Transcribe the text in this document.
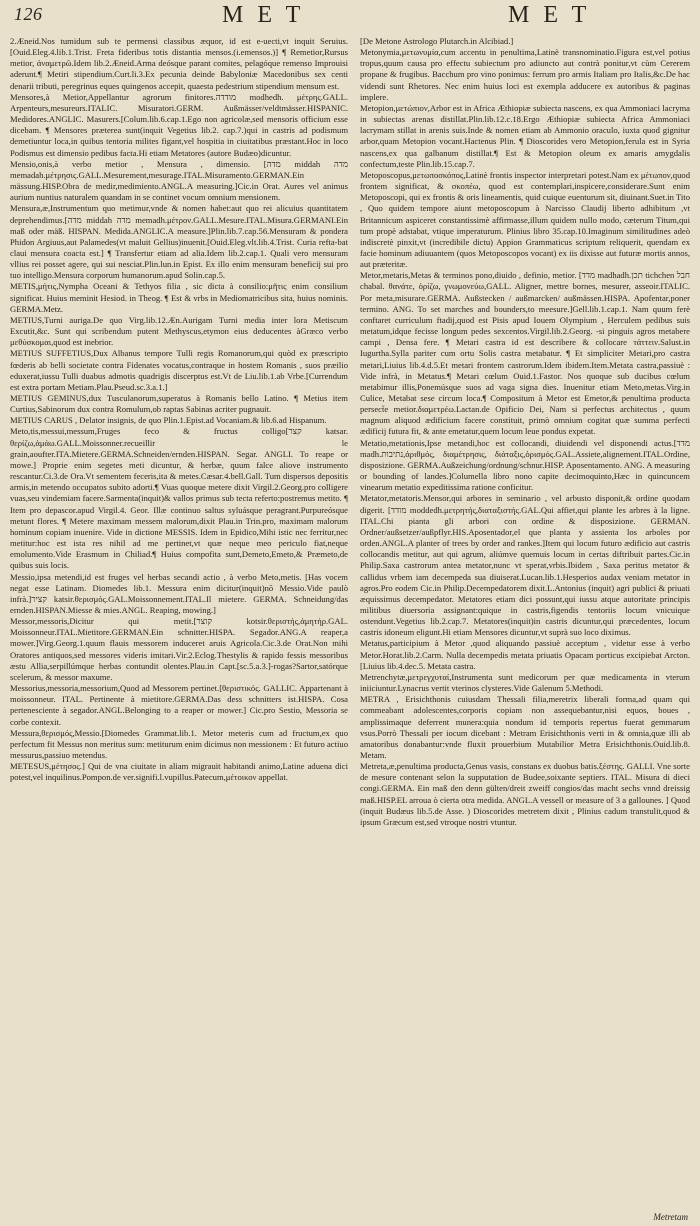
126	M E T	M E T

2.Æneid.Nos tumidum sub te permensi classibus æquor, id est e-uecti,vt inquit Seruius.[Ouid.Eleg.4.lib.1.Trist. Freta fideribus totis distantia mensos.(i.emensos.)] ¶ Remetior,Rursus metior, ἀναμετρῶ.Idem lib.2.Æneid.Arma deósque parant comites, pelagóque remenso Improuisi aderunt.¶ Metiri stipendium.Curt.li.3.Ex pecunia deinde Babyloniæ Macedonibus sex centi denarii tributi, peregrinus eques quingenos accepit, quaesta pedestrium stipendium mensum est.

Mensores,à Metior,Appellantur agrorum finitores.מודדה modhedh. μέτρης.GALL. Arpenteurs,mesureurs.ITALIC. Misuratori.GERM. Außmässer/veldtmässer.HISPANIC. Medidores.ANGLIC. Masurers.[Colum.lib.6.cap.1.Ego non agricolæ,sed mensoris officium esse dicebam. ¶ Mensores præterea sunt(inquit Vegetius lib.2. cap.7.)qui in castris ad podismum demetiuntur loca,in quibus tentoria milites figant,vel hospitia in ciuitatibus præstant.Hoc in loco Podismus est dimensio pedibus facta.Hi etiam Metatores (autore Budæo)dicuntur.

Mensio,onis,à verbo metior , Mensura , dimensio. [מדה middah מדה memadah.μέτρησις.GALL.Mesurement,mesurage.ITAL.Misuramento.GERMAN.Ein mässung.HISP.Obra de medir,medimiento.ANGL.A measuring.]Cic.in Orat. Aures vel animus aurium nuntius naturalem quandam in se continet vocum omnium mensionem.

Mensura,æ,Instrumentum quo metimur,vnde & nomen habet:aut quo rei alicuius quantitatem deprehendimus.[מדה middah מדה memadh.μέτρον.GALL.Mesure.ITAL.Misura.GERMANI.Ein maß oder mäß. HISPAN. Medida.ANGLIC.A measure.]Plin.lib.7.cap.56.Mensuram & pondera Phidon Argiuus,aut Palamedes(vt maluit Gellius)inuenit.[Ouid.Eleg.vlt.lib.4.Trist. Curia refta-bat claui mensura coacta est.] ¶ Transfertur etiam ad alia.Idem lib.2.cap.1. Quali vero mensuram vllius rei posset agere, qui sui nesciat.Plin.lun.in Epist. Ex illo enim mensuram beneficij sui pro tuo intelligo.Mensura corporum humanorum.apud Solin.cap.5.

METIS,μήτις,Nympha Oceani & Tethyos filia , sic dicta à consilio:μῆτις enim consilium significat. Huius meminit Hesiod. in Theog. ¶ Est & vrbs in Mediomatricibus sita, huius nominis. GERMA.Metz.

METIUS,Turni auriga.De quo Virg.lib.12.Æn.Aurigam Turni media inter lora Metiscum Excutit,&c. Sunt qui scribendum putent Methyscus,etymon eius deducentes àGræco verbo μεθύσκομαι,quod est inebrior.

METIUS SUFFETIUS,Dux Albanus tempore Tulli regis Romanorum,qui quòd ex præscripto fœderis ab belli societate contra Fidenates vocatus,contraque in hostem Romanis , suos præilio eduxerat,iussu Tulli duabus admotis quadrigis discerptus est.Vt de Liu.lib.1.ab Vrbe.[Currendum est extra portam Metiam.Plau.Pseud.sc.3.a.1.]

METIUS GEMINUS,dux Tusculanorum,superatus à Romanis bello Latino. ¶ Metius item Curtius,Sabinorum dux contra Romulum,ob raptas Sabinas acriter pugnauit.

METIUS CARUS , Delator insignis, de quo Plin.1.Epist.ad Vocaniam.& lib.6.ad Hispanum.

Meto,tis,messui,messum,Fruges feco & fructus colligo[קצר katsar. θερίζω,ἀμάω.GALL.Moissonner.recueillir le grain,aoufter.ITA.Mietere.GERMA.Schneiden/ernden.HISPAN. Segar. ANGLI. To reape or mowe.] Proprie enim segetes meti dicuntur, & herbæ, quum falce aliove instrumento rescantur.Ci.3.de Ora.Vt sementem feceris,ita & metes.Cæsar.4.bell.Gall. Tum dispersos depositis armis,in metendo occupatos subito adorti.¶ Vuas quoque metere dixit Virgil.2.Georg.pro colligere vuas,seu vindemiam facere.Sarmenta(inquit)& vallos primus sub tecta referto:postremus metito. ¶ Item pro depascor.apud Virgil.4. Geor. Illæ continuo saltus syluásque peragrant.Purpureósque metunt flores. ¶ Metere maximam messem malorum,dixit Plau.in Trin.pro, maximam malorum hominum copiam inuenire. Vide in dictione MESSIS. Idem in Epidico,Mihi istic nec ferritur,nec metitur:hoc est ista res nihil ad me pertinet,vt quæ neque meo periculo fiat,neque emolumento.Vide Erasmum in Chiliad.¶ Huius compofita sunt,Demeto,Emeto,& Præmeto,de quibus suis locis.

Messio,ipsa metendi,id est fruges vel herbas secandi actio , à verbo Meto,metis. [Has vocem negat esse Latinam. Diomedes lib.1. Messura enim dicitur(inquit)nõ Messio.Vide paulò infrà.]קציר katsir.θερισμός.GAL.Moissonnement.ITAL.Il mietere. GERMA. Schneidung/das ernden.HISPAN.Miesse & mies.ANGL. Reaping, mowing.]

Messor,messoris,Dicitur qui metit.[קוצר kotsir.θεριστής,ἀμητήρ.GAL. Moissonneur.ITAL.Mietitore.GERMAN.Ein schnitter.HISPA. Segador.ANG.A reaper,a mower.]Virg.Georg.1.quum flauis messorem induceret aruis Agricola.Cic.3.de Orat.Non mihi Oratores antiquos,sed messores videris imitari.Vir.2.Eclog.Thestylis & rapido fessis messoribus æstu Allia,serpillúmque herbas contundit olentes.Plau.in Capt.[sc.5.a.3.]-rogas?Sartor,satórque scelerum, & messor maxume.

Messorius,messoria,messorium,Quod ad Messorem pertinet.[θεριστικός. GALLIC. Appartenant à moissonneur. ITAL. Pertinente à mietitore.GERMA.Das dess schnitters ist.HISPA. Cosa pertenesciente à segador.ANGL.Belonging to a reaper or mower.] Cic.pro Sestio, Messoria se corbe contexit.

Messura,θερισμός,Messio.[Diomedes Grammat.lib.1. Metor meteris cum ad fructum,ex quo perfectum fit Messus non meritus sum: metiturum enim dicimus non messionem : Et futuro actiuo messurus,passiuo metendus.

METESUS,μέτησος.] Qui de vna ciuitate in aliam migrauit habitandi animo,Latine aduena dici potest,vel inquilinus.Pompon.de ver.signifi.l.vupillus.Patecum,μέτοικον appellat.

[De Metone Astrologo Plutarch.in Alcibiad.]

Metonymia,μετωνυμία,cum accentu in penultima,Latinè transnominatio.Figura est,vel potius tropus,quum causa pro effectu subiectum pro adiuncto aut contrà ponitur,vt cùm Cererem propane & frugibus. Bacchum pro vino ponimus: ferrum pro armis Italiam pro Italis,&c.De hac videndi sunt Rhetores. Nec enim huius loci est exempla adducere ex autoribus & paginas implere.

Metopion,μετώπιον,Arbor est in Africa Æthiopiæ subiecta nascens, ex qua Ammoniaci lacryma in subiectas arenas distillat.Plin.lib.12.c.18.Ergo Æthiopiæ subiecta Africa Ammoniaci lacrymam stillat in arenis suis.Inde & nomen etiam ab Ammonio oraculo, iuxta quod gignitur arbor,quam Metopion vocant.Hactenus Plin. ¶ Dioscorides vero Metopion,ferula est in Syria nascens,ex qua galbanum distillat.¶ Est & Metopion oleum ex amaris amygdalis confectum,teste Plin.lib.15.cap.7.

Metoposcopus,μετωποσκόπος,Latinè frontis inspector interpretari potest.Nam ex μέτωπον,quod frontem significat, & σκοπέω, quod est contemplari,inspicere,considerare.Sunt enim Metoposcopi, qui ex frontis & oris lineamentis, quid cuique euenturum sit, diuinant.Suet.in Tito , Quo quidem tempore aiunt metoposcopum à Narcisso Claudij liberto adhibitum ,vt Britannicum aspiceret constantissimè affirmasse,illum quidem nullo modo, cæterum Titum,qui tum propè adstabat, vtique imperaturum. Plinius libro 35.cap.10.Imaginum similitudines adeò indiscretè pinxit,vt (incredibile dictu) Appion Grammaticus scriptum reliquerit, quendam ex facie hominum adiuuantem (quos Metoposcopos vocant) ex iis dixisse aut futuræ mortis annos, aut præteritæ.

Metor,metaris,Metas & terminos pono,diuido , definio, metior. [מדד madhadh.תכן tichchen חבל chabal. θανάτε, ὁρίζω, γνωμονεύω,GALL. Aligner, mettre bornes, mesurer, asseoir.ITALIC. Por meta,misurare.GERMA. Außstecken / außmarcken/ außmässen.HISPA. Apofentar,poner termino. ANG. To set marches and bounders,to meesure.]Gell.lib.1.cap.1. Nam quum ferè conftaret curriculum ftadij,quod est Pisis apud Iouem Olympium , Herculem pedibus suis metatum,idque fecisse longum pedes sexcentos.Virgil.lib.2.Georg. -si pinguis agros metabere campi , Densa fere. ¶ Metari castra id est describere & collocare τάττειν.Salust.in Iugurtha.Sylla pariter cum ortu Solis castra metabatur. ¶ Et simpliciter Metari,pro castra metari,Liuius lib.4.d.5.Et metari frontem castrorum.Idem ibidem.Item.Metata castra,passiuè : Vide infrà, in Metatus.¶ Metari cœlum Ouid.1.Fastor. Nos quoque sub ducibus cœlum metabimur illis,Ponemúsque suos ad vaga signa dies. Inuenitur etiam Meto,metas.Virg.in Culice, Metabat sese circum loca.¶ Compositum à Metor est Emetor,& penultima producta persect̃e metior.διαμετρέω.Lactan.de Opificio Dei, Nam si perfectus architectus , quum magnum aliquod ædificium facere constituit, primò omnium cogitat quæ summa perfecti ædificij futura fit, & ante emetatur,quem locum leue pondus expetat.

Metatio,metationis,Ipse metandi,hoc est collocandi, diuidendi vel disponendi actus.[מדד madh.נתיבות,ἀριθμός, διαμέτρησις, διάταξις,ὁρισμός.GAL.Assiete,alignement.ITAL.Ordine, disposizione. GERMA.Außzeichung/ordnung/schnur.HISP. Aposentamento. ANG. A measuring or bounding of landes.]Columella libro nono capite decimoquinto,Hæc in quincuncem vinearum metatio expeditissima ratione conficitur.

Metator,metatoris.Mensor,qui arbores in seminario , vel arbusto disponit,& ordine quodam digerit. [מודד moddedh.μετρητής,διαταξιστής.GAL.Qui affiet,qui plante les arbres à la ligne. ITAL.Chi pianta gli arbori con ordine & disposizione. GERMAN. Ordner/außsetzer/außpflyr.HIS.Aposentador,el que planta y assienta los arboles por orden.ANGL.A planter of trees by order and rankes.]Item qui locum futuro ædificio aut castris collocandis metitur, aut qui agrum, aliúmve quemuis locum in certas diftribuit partes.Cic.in Philip.Saxa castrorum antea metator,nunc vt sperat,vrbis.Ibidem , Saxa peritus metator & callidus vrbem iam decempeda sua diuiserat.Lucan.lib.1.Hesperios audax veniam metator in agros.Pro eodem Cic.in Philip.Decempedatorem dixit.L.Antonius (inquit) agri publici & priuati æquissimus decempedator. Metatores etiam dici possunt,qui iussu atque autoritate principis militibus diuersoria assignant:quique in castris,figendis tentoriis locum vnicuique ostendunt.Vegetius lib.2.cap.7. Metatores(inquit)in castris dicuntur,qui præcedentes, locum castris idoneum eligunt.Hi etiam Mensores dicuntur,vt suprà suo loco diximus.

Metatus,participium à Metor ,quod aliquando passiuè acceptum , videtur esse à verbo Metor.Horat.lib.2.Carm. Nulla decempedis metata priuatis Opacam porticus excipiebat Arcton.[Liuius lib.4.dec.5. Metata castra.

Metrenchytæ,μετρεγχυταί,Instrumenta sunt medicorum per quæ medicamenta in vterum iniiciuntur.Lynacrus vertit vterinos clysteres.Vide Galenum 5.Methodi.

METRA , Erisichthonis cuiusdam Thessali filia,meretrix liberali forma,ad quam qui commeabant adolescentes,corporis copiam non assequebantur,nisi equos, boues , amplissimaque deferrent munera:quia nondum id temporis repertus fuerat gemmarum vsus.Porrò Thessali per iocum dicebant : Metram Erisichthonis verti in & omnia,quæ illi ab amatoribus donabantur:vnde fluxit prouerbium Mutabilior Metra Erisichthonis.Ouid.lib.8. Metam.

Metreta,æ,penultima producta,Genus vasis, constans ex duobus batis.ξέστης. GALLI. Vne sorte de mesure contenant selon la supputation de Budee,soixante septiers. ITAL. Misura di dieci congi.GERMA. Ein maß den denn gülten/dreit zweiff congios/das macht sechs vnnd dreissig maß.HISP.EL arroua ò cierta otra medida. ANGL.A vessell or measure of 3 a gallounes. ] Quod (inquit Budæus lib.5.de Asse. ) Dioscorides metretem dixit , Plinius cadum transtulit,quod & ipsum Græcum est,sed vtroque nostri vtuntur.

Metretam
